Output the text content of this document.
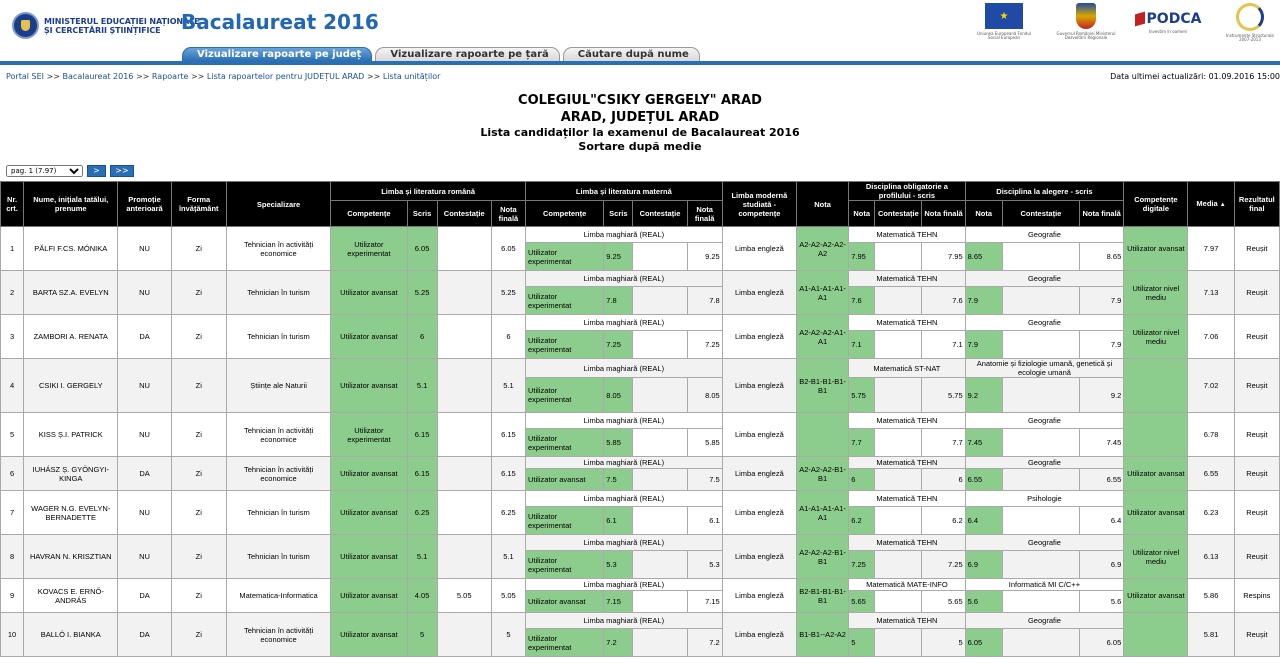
MINISTERUL EDUCAȚIEI NAȚIONALE
ȘI CERCETĂRII ȘTIINȚIFICE	Bacalaureat 2016	★
Uniunea Europeană Fondul Social European
Guvernul României Ministerul Dezvoltării Regionale
PODCA
Investim în oameni
Instrumente Structurale 2007-2013
Vizualizare rapoarte pe județ	Vizualizare rapoarte pe țară	Căutare după nume
Portal SEI >> Bacalaureat 2016 >> Rapoarte >> Lista rapoartelor pentru JUDEȚUL ARAD >> Lista unităților	Data ultimei actualizări: 01.09.2016 15:00
COLEGIUL"CSIKY GERGELY" ARAD
ARAD, JUDEȚUL ARAD
Lista candidaților la examenul de Bacalaureat 2016
Sortare după medie
pag. 1 (7.97)
>	>>
Nr. crt.	Nume, inițiala tatălui, prenume	Promoție anterioară	Forma învățământ	Specializare	Limba și literatura română				Limba și literatura maternă				Limba modernă studiată - competențe	Nota	Disciplina obligatorie a profilului - scris			Disciplina la alegere - scris			Competențe digitale	Media ▲	Rezultatul final
					Competențe	Scris	Contestație	Nota finală	Competențe	Scris	Contestație	Nota finală			Nota	Contestație	Nota finală	Nota	Contestație	Nota finală			
1	PĂLFI F.CS. MÓNIKA	NU	Zi	Tehnician în activități economice	Utilizator experimentat	6.05		6.05	Limba maghiară (REAL)				Limba engleză	A2-A2-A2-A2-A2	Matematică TEHN			Geografie			Utilizator avansat	7.97	Reușit
									Utilizator experimentat	9.25		9.25			7.95		7.95	8.65		8.65			
2	BARTA SZ.A. EVELYN	NU	Zi	Tehnician în turism	Utilizator avansat	5.25		5.25	Limba maghiară (REAL)				Limba engleză	A1-A1-A1-A1-A1	Matematică TEHN			Geografie			Utilizator nivel mediu	7.13	Reușit
									Utilizator experimentat	7.8		7.8			7.6		7.6	7.9		7.9			
3	ZAMBORI A. RENATA	DA	Zi	Tehnician în turism	Utilizator avansat	6		6	Limba maghiară (REAL)				Limba engleză	A2-A2-A2-A1-A1	Matematică TEHN			Geografie			Utilizator nivel mediu	7.06	Reușit
									Utilizator experimentat	7.25		7.25			7.1		7.1	7.9		7.9			
4	CSIKI I. GERGELY	NU	Zi	Științe ale Naturii	Utilizator avansat	5.1		5.1	Limba maghiară (REAL)				Limba engleză	B2-B1-B1-B1-B1	Matematică ST-NAT			Anatomie și fiziologie umană, genetică și ecologie umană				7.02	Reușit
									Utilizator experimentat	8.05		8.05			5.75		5.75	9.2		9.2			
5	KISS Ș.I. PATRICK	NU	Zi	Tehnician în activități economice	Utilizator experimentat	6.15		6.15	Limba maghiară (REAL)				Limba engleză		Matematică TEHN			Geografie				6.78	Reușit
									Utilizator experimentat	5.85		5.85			7.7		7.7	7.45		7.45			
6	IUHÁSZ Ș. GYÖNGYI-KINGA	DA	Zi	Tehnician în activități economice	Utilizator avansat	6.15		6.15	Limba maghiară (REAL)				Limba engleză	A2-A2-A2-B1-B1	Matematică TEHN			Geografie			Utilizator avansat	6.55	Reușit
									Utilizator avansat	7.5		7.5			6		6	6.55		6.55			
7	WAGER N.G. EVELYN-BERNADETTE	NU	Zi	Tehnician în turism	Utilizator avansat	6.25		6.25	Limba maghiară (REAL)				Limba engleză	A1-A1-A1-A1-A1	Matematică TEHN			Psihologie			Utilizator avansat	6.23	Reușit
									Utilizator experimentat	6.1		6.1			6.2		6.2	6.4		6.4			
8	HAVRAN N. KRISZTIAN	NU	Zi	Tehnician în turism	Utilizator avansat	5.1		5.1	Limba maghiară (REAL)				Limba engleză	A2-A2-A2-B1-B1	Matematică TEHN			Geografie			Utilizator nivel mediu	6.13	Reușit
									Utilizator experimentat	5.3		5.3			7.25		7.25	6.9		6.9			
9	KOVACS E. ERNŐ-ANDRÁS	DA	Zi	Matematica-Informatica	Utilizator avansat	4.05	5.05	5.05	Limba maghiară (REAL)				Limba engleză	B2-B1-B1-B1-B1	Matematică MATE-INFO			Informatică MI C/C++			Utilizator avansat	5.86	Respins
									Utilizator avansat	7.15		7.15			5.65		5.65	5.6		5.6			
10	BALLÓ I. BIANKA	DA	Zi	Tehnician în activități economice	Utilizator avansat	5		5	Limba maghiară (REAL)				Limba engleză	B1-B1--A2-A2	Matematică TEHN			Geografie				5.81	Reușit
									Utilizator experimentat	7.2		7.2			5		5	6.05		6.05			
